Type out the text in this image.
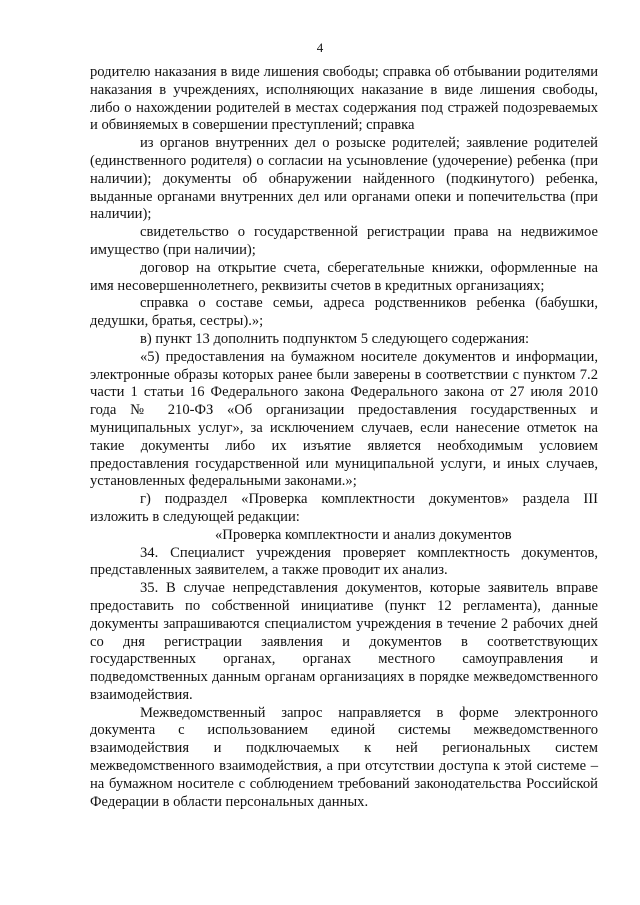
4

родителю наказания в виде лишения свободы; справка об отбывании родителями наказания в учреждениях, исполняющих наказание в виде лишения свободы, либо о нахождении родителей в местах содержания под стражей подозреваемых и обвиняемых в совершении преступлений; справка

из органов внутренних дел о розыске родителей; заявление родителей (единственного родителя) о согласии на усыновление (удочерение) ребенка (при наличии); документы об обнаружении найденного (подкинутого) ребенка, выданные органами внутренних дел или органами опеки и попечительства (при наличии);

свидетельство о государственной регистрации права на недвижимое имущество (при наличии);

договор на открытие счета, сберегательные книжки, оформленные на имя несовершеннолетнего, реквизиты счетов в кредитных организациях;

справка о составе семьи, адреса родственников ребенка (бабушки, дедушки, братья, сестры).»;

в) пункт 13 дополнить подпунктом 5 следующего содержания:

«5) предоставления на бумажном носителе документов и информации, электронные образы которых ранее были заверены в соответствии с пунктом 7.2 части 1 статьи 16 Федерального закона Федерального закона от 27 июля 2010 года № 210-ФЗ «Об организации предоставления государственных и муниципальных услуг», за исключением случаев, если нанесение отметок на такие документы либо их изъятие является необходимым условием предоставления государственной или муниципальной услуги, и иных случаев, установленных федеральными законами.»;

г) подраздел «Проверка комплектности документов» раздела III изложить в следующей редакции:

«Проверка комплектности и анализ документов

34. Специалист учреждения проверяет комплектность документов, представленных заявителем, а также проводит их анализ.

35. В случае непредставления документов, которые заявитель вправе предоставить по собственной инициативе (пункт 12 регламента), данные документы запрашиваются специалистом учреждения в течение 2 рабочих дней со дня регистрации заявления и документов в соответствующих государственных органах, органах местного самоуправления и подведомственных данным органам организациях в порядке межведомственного взаимодействия.

Межведомственный запрос направляется в форме электронного документа с использованием единой системы межведомственного взаимодействия и подключаемых к ней региональных систем межведомственного взаимодействия, а при отсутствии доступа к этой системе – на бумажном носителе с соблюдением требований законодательства Российской Федерации в области персональных данных.
